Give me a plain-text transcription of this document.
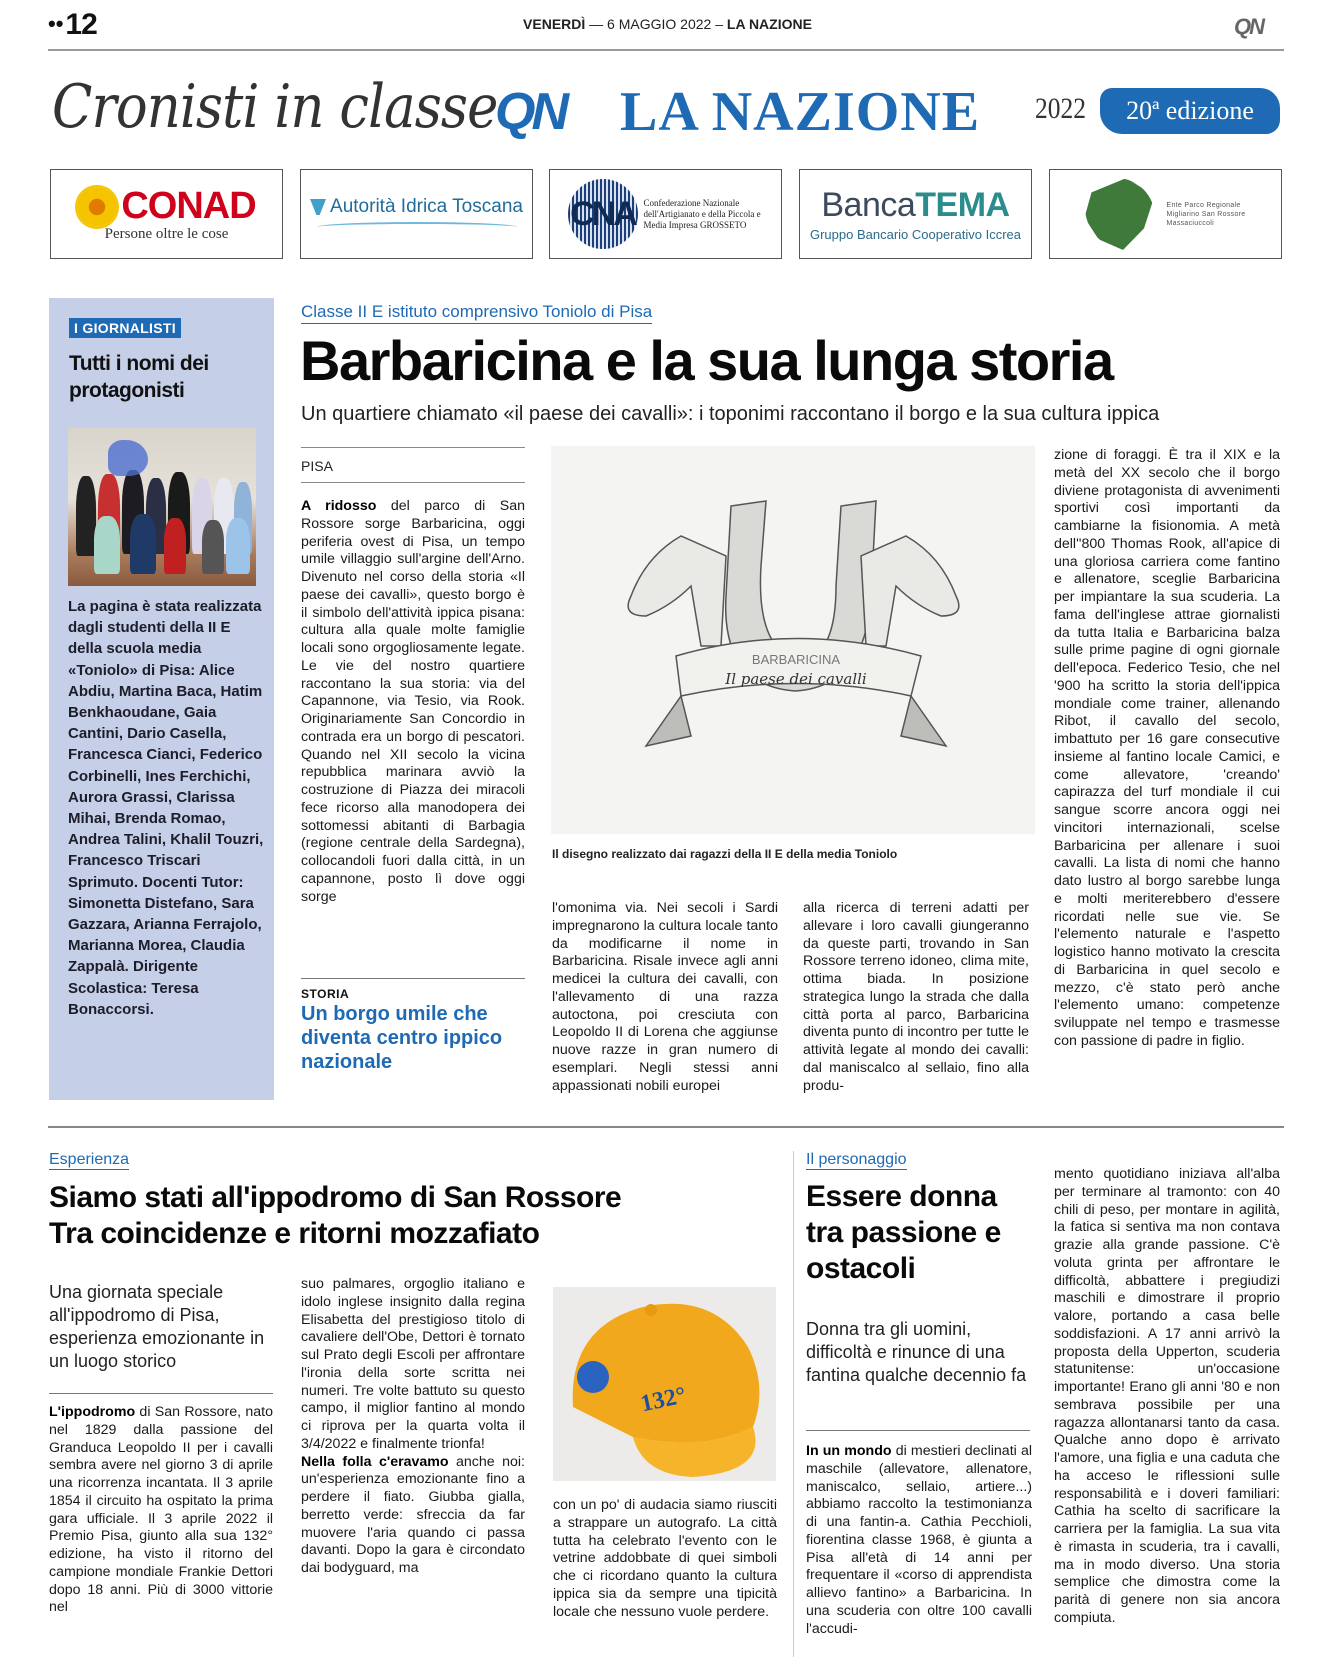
••12	VENERDÌ — 6 MAGGIO 2022 – LA NAZIONE	QN
Cronisti in classe
QN LA NAZIONE 2022	20ª edizione
CONAD
Persone oltre le cose
Autorità Idrica Toscana CNA Confederazione Nazionale dell'Artigianato e della Piccola e Media Impresa GROSSETO
BancaTEMA
Gruppo Bancario Cooperativo Iccrea
Ente Parco Regionale Migliarino San Rossore Massaciuccoli
I GIORNALISTI
Tutti i nomi dei protagonisti
La pagina è stata realizzata dagli studenti della II E della scuola media «Toniolo» di Pisa: Alice Abdiu, Martina Baca, Hatim Benkhaoudane, Gaia Cantini, Dario Casella, Francesca Cianci, Federico Corbinelli, Ines Ferchichi, Aurora Grassi, Clarissa Mihai, Brenda Romao, Andrea Talini, Khalil Touzri, Francesco Triscari Sprimuto. Docenti Tutor: Simonetta Distefano, Sara Gazzara, Arianna Ferrajolo, Marianna Morea, Claudia Zappalà. Dirigente Scolastica: Teresa Bonaccorsi.
Classe II E istituto comprensivo Toniolo di Pisa
Barbaricina e la sua lunga storia
Un quartiere chiamato «il paese dei cavalli»: i toponimi raccontano il borgo e la sua cultura ippica
PISA
A ridosso del parco di San Rossore sorge Barbaricina, oggi periferia ovest di Pisa, un tempo umile villaggio sull'argine dell'Arno. Divenuto nel corso della storia «Il paese dei cavalli», questo borgo è il simbolo dell'attività ippica pisana: cultura alla quale molte famiglie locali sono orgogliosamente legate. Le vie del nostro quartiere raccontano la sua storia: via del Capannone, via Tesio, via Rook. Originariamente San Concordio in contrada era un borgo di pescatori. Quando nel XII secolo la vicina repubblica marinara avviò la costruzione di Piazza dei miracoli fece ricorso alla manodopera dei sottomessi abitanti di Barbagia (regione centrale della Sardegna), collocandoli fuori dalla città, in un capannone, posto lì dove oggi sorge
STORIA
Un borgo umile che diventa centro ippico nazionale
BARBARICINA
Il paese dei cavalli
Il disegno realizzato dai ragazzi della II E della media Toniolo
l'omonima via. Nei secoli i Sardi impregnarono la cultura locale tanto da modificarne il nome in Barbaricina. Risale invece agli anni medicei la cultura dei cavalli, con l'allevamento di una razza autoctona, poi cresciuta con Leopoldo II di Lorena che aggiunse nuove razze in gran numero di esemplari. Negli stessi anni appassionati nobili europei
alla ricerca di terreni adatti per allevare i loro cavalli giungeranno da queste parti, trovando in San Rossore terreno idoneo, clima mite, ottima biada. In posizione strategica lungo la strada che dalla città porta al parco, Barbaricina diventa punto di incontro per tutte le attività legate al mondo dei cavalli: dal maniscalco al sellaio, fino alla produ-
zione di foraggi. È tra il XIX e la metà del XX secolo che il borgo diviene protagonista di avvenimenti sportivi così importanti da cambiarne la fisionomia. A metà dell''800 Thomas Rook, all'apice di una gloriosa carriera come fantino e allenatore, sceglie Barbaricina per impiantare la sua scuderia. La fama dell'inglese attrae giornalisti da tutta Italia e Barbaricina balza sulle prime pagine di ogni giornale dell'epoca. Federico Tesio, che nel '900 ha scritto la storia dell'ippica mondiale come trainer, allenando Ribot, il cavallo del secolo, imbattuto per 16 gare consecutive insieme al fantino locale Camici, e come allevatore, 'creando' capirazza del turf mondiale il cui sangue scorre ancora oggi nei vincitori internazionali, scelse Barbaricina per allenare i suoi cavalli. La lista di nomi che hanno dato lustro al borgo sarebbe lunga e molti meriterebbero d'essere ricordati nelle sue vie. Se l'elemento naturale e l'aspetto logistico hanno motivato la crescita di Barbaricina in quel secolo e mezzo, c'è stato però anche l'elemento umano: competenze sviluppate nel tempo e trasmesse con passione di padre in figlio.
Esperienza
Siamo stati all'ippodromo di San Rossore
Tra coincidenze e ritorni mozzafiato
Una giornata speciale all'ippodromo di Pisa, esperienza emozionante in un luogo storico
L'ippodromo di San Rossore, nato nel 1829 dalla passione del Granduca Leopoldo II per i cavalli sembra avere nel giorno 3 di aprile una ricorrenza incantata. Il 3 aprile 1854 il circuito ha ospitato la prima gara ufficiale. Il 3 aprile 2022 il Premio Pisa, giunto alla sua 132° edizione, ha visto il ritorno del campione mondiale Frankie Dettori dopo 18 anni. Più di 3000 vittorie nel
suo palmares, orgoglio italiano e idolo inglese insignito dalla regina Elisabetta del prestigioso titolo di cavaliere dell'Obe, Dettori è tornato sul Prato degli Escoli per affrontare l'ironia della sorte scritta nei numeri. Tre volte battuto su questo campo, il miglior fantino al mondo ci riprova per la quarta volta il 3/4/2022 e finalmente trionfa!
Nella folla c'eravamo anche noi: un'esperienza emozionante fino a perdere il fiato. Giubba gialla, berretto verde: sfreccia da far muovere l'aria quando ci passa davanti. Dopo la gara è circondato dai bodyguard, ma
132°
con un po' di audacia siamo riusciti a strappare un autografo. La città tutta ha celebrato l'evento con le vetrine addobbate di quei simboli che ci ricordano quanto la cultura ippica sia da sempre una tipicità locale che nessuno vuole perdere.
Il personaggio
Essere donna tra passione e ostacoli
Donna tra gli uomini, difficoltà e rinunce di una fantina qualche decennio fa
In un mondo di mestieri declinati al maschile (allevatore, allenatore, maniscalco, sellaio, artiere...) abbiamo raccolto la testimonianza di una fantin-a. Cathia Pecchioli, fiorentina classe 1968, è giunta a Pisa all'età di 14 anni per frequentare il «corso di apprendista allievo fantino» a Barbaricina. In una scuderia con oltre 100 cavalli l'accudi-
mento quotidiano iniziava all'alba per terminare al tramonto: con 40 chili di peso, per montare in agilità, la fatica si sentiva ma non contava grazie alla grande passione. C'è voluta grinta per affrontare le difficoltà, abbattere i pregiudizi maschili e dimostrare il proprio valore, portando a casa belle soddisfazioni. A 17 anni arrivò la proposta della Upperton, scuderia statunitense: un'occasione importante! Erano gli anni '80 e non sembrava possibile per una ragazza allontanarsi tanto da casa. Qualche anno dopo è arrivato l'amore, una figlia e una caduta che ha acceso le riflessioni sulle responsabilità e i doveri familiari: Cathia ha scelto di sacrificare la carriera per la famiglia. La sua vita è rimasta in scuderia, tra i cavalli, ma in modo diverso. Una storia semplice che dimostra come la parità di genere non sia ancora compiuta.
